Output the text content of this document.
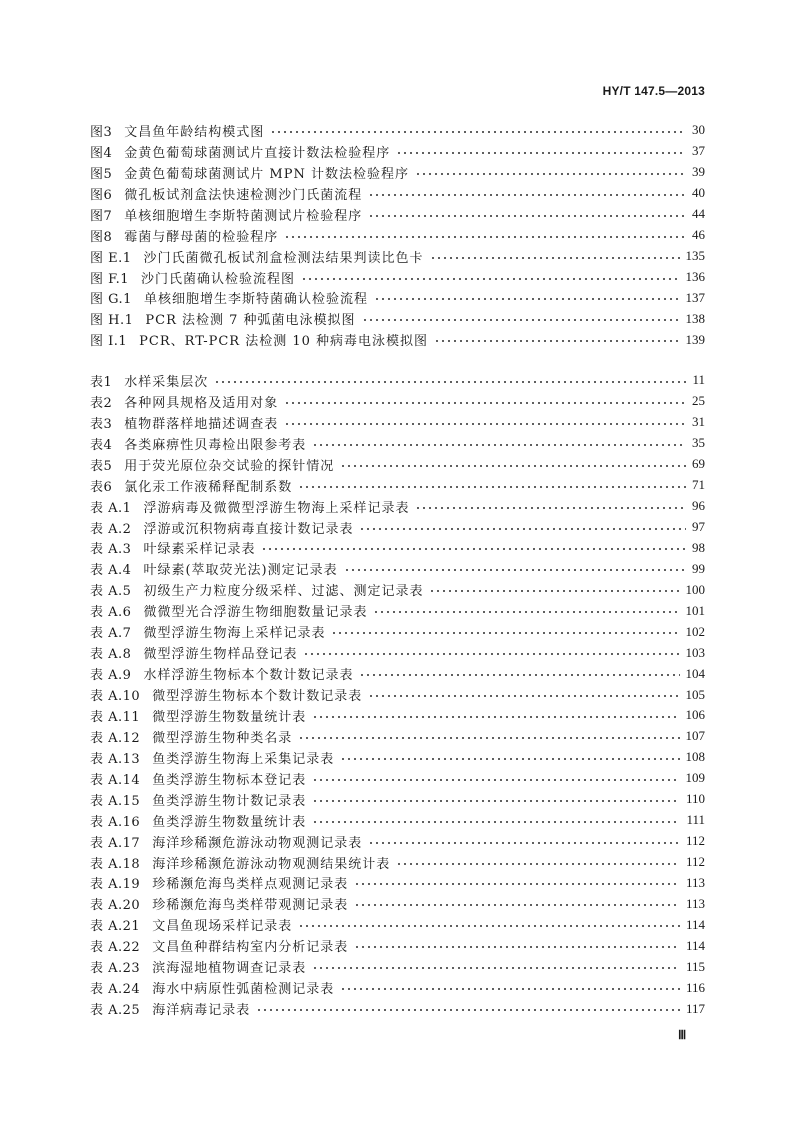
HY/T 147.5—2013
图3 文昌鱼年龄结构模式图	30
图4 金黄色葡萄球菌测试片直接计数法检验程序	37
图5 金黄色葡萄球菌测试片 MPN 计数法检验程序	39
图6 微孔板试剂盒法快速检测沙门氏菌流程	40
图7 单核细胞增生李斯特菌测试片检验程序	44
图8 霉菌与酵母菌的检验程序	46
图 E.1 沙门氏菌微孔板试剂盒检测法结果判读比色卡	135
图 F.1 沙门氏菌确认检验流程图	136
图 G.1 单核细胞增生李斯特菌确认检验流程	137
图 H.1 PCR 法检测 7 种弧菌电泳模拟图	138
图 I.1 PCR、RT-PCR 法检测 10 种病毒电泳模拟图	139
表1 水样采集层次	11
表2 各种网具规格及适用对象	25
表3 植物群落样地描述调查表	31
表4 各类麻痹性贝毒检出限参考表	35
表5 用于荧光原位杂交试验的探针情况	69
表6 氯化汞工作液稀释配制系数	71
表 A.1 浮游病毒及微微型浮游生物海上采样记录表	96
表 A.2 浮游或沉积物病毒直接计数记录表	97
表 A.3 叶绿素采样记录表	98
表 A.4 叶绿素(萃取荧光法)测定记录表	99
表 A.5 初级生产力粒度分级采样、过滤、测定记录表	100
表 A.6 微微型光合浮游生物细胞数量记录表	101
表 A.7 微型浮游生物海上采样记录表	102
表 A.8 微型浮游生物样品登记表	103
表 A.9 水样浮游生物标本个数计数记录表	104
表 A.10 微型浮游生物标本个数计数记录表	105
表 A.11 微型浮游生物数量统计表	106
表 A.12 微型浮游生物种类名录	107
表 A.13 鱼类浮游生物海上采集记录表	108
表 A.14 鱼类浮游生物标本登记表	109
表 A.15 鱼类浮游生物计数记录表	110
表 A.16 鱼类浮游生物数量统计表	111
表 A.17 海洋珍稀濒危游泳动物观测记录表	112
表 A.18 海洋珍稀濒危游泳动物观测结果统计表	112
表 A.19 珍稀濒危海鸟类样点观测记录表	113
表 A.20 珍稀濒危海鸟类样带观测记录表	113
表 A.21 文昌鱼现场采样记录表	114
表 A.22 文昌鱼种群结构室内分析记录表	114
表 A.23 滨海湿地植物调查记录表	115
表 A.24 海水中病原性弧菌检测记录表	116
表 A.25 海洋病毒记录表	117
Ⅲ
